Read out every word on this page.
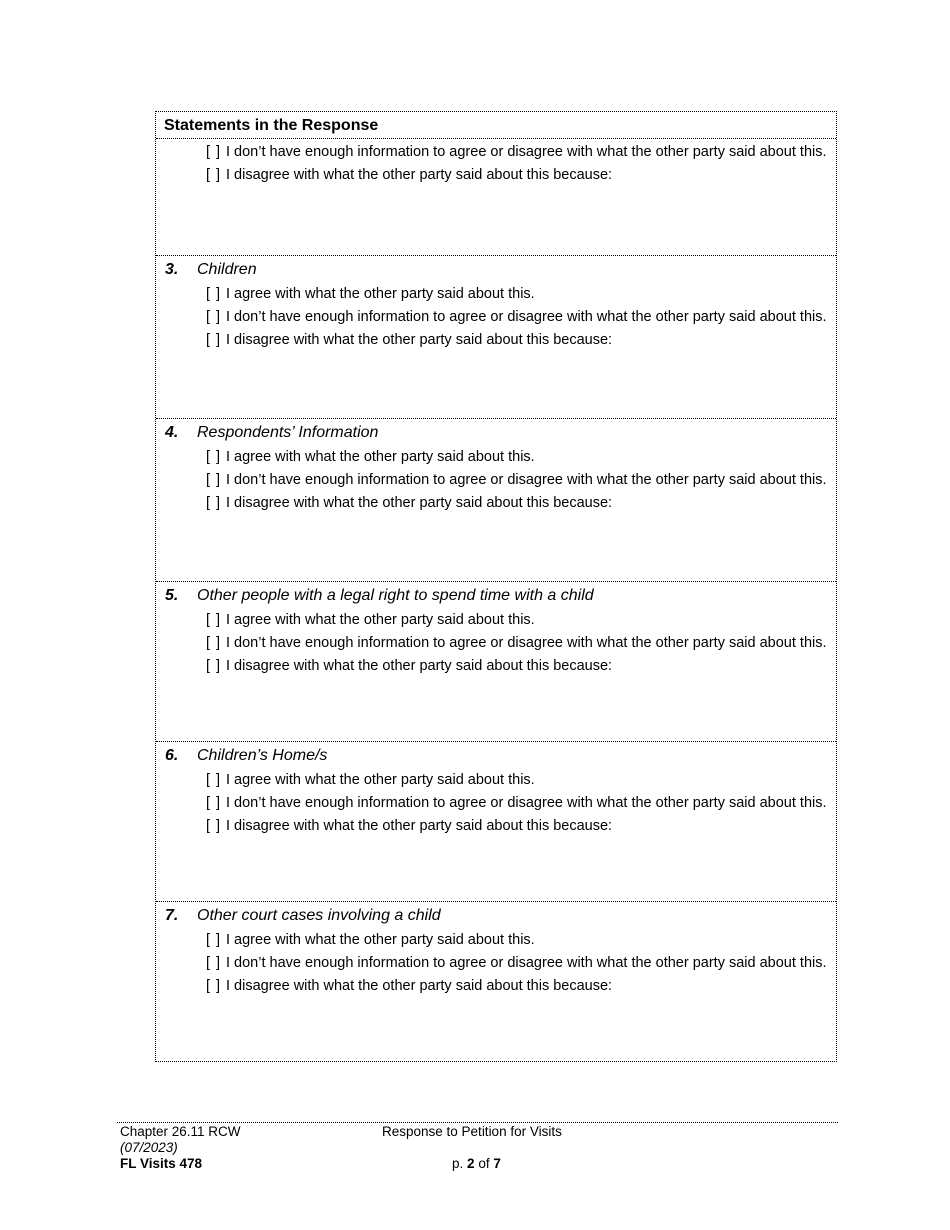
Statements in the Response
[ ] I don’t have enough information to agree or disagree with what the other party said about this.
[ ] I disagree with what the other party said about this because:
3.	Children
[ ] I agree with what the other party said about this.
[ ] I don’t have enough information to agree or disagree with what the other party said about this.
[ ] I disagree with what the other party said about this because:
4.	Respondents’ Information
[ ] I agree with what the other party said about this.
[ ] I don’t have enough information to agree or disagree with what the other party said about this.
[ ] I disagree with what the other party said about this because:
5.	Other people with a legal right to spend time with a child
[ ] I agree with what the other party said about this.
[ ] I don’t have enough information to agree or disagree with what the other party said about this.
[ ] I disagree with what the other party said about this because:
6.	Children’s Home/s
[ ] I agree with what the other party said about this.
[ ] I don’t have enough information to agree or disagree with what the other party said about this.
[ ] I disagree with what the other party said about this because:
7.	Other court cases involving a child
[ ] I agree with what the other party said about this.
[ ] I don’t have enough information to agree or disagree with what the other party said about this.
[ ] I disagree with what the other party said about this because:
Chapter 26.11 RCW
(07/2023)
FL Visits 478
Response to Petition for Visits
p. 2 of 7
